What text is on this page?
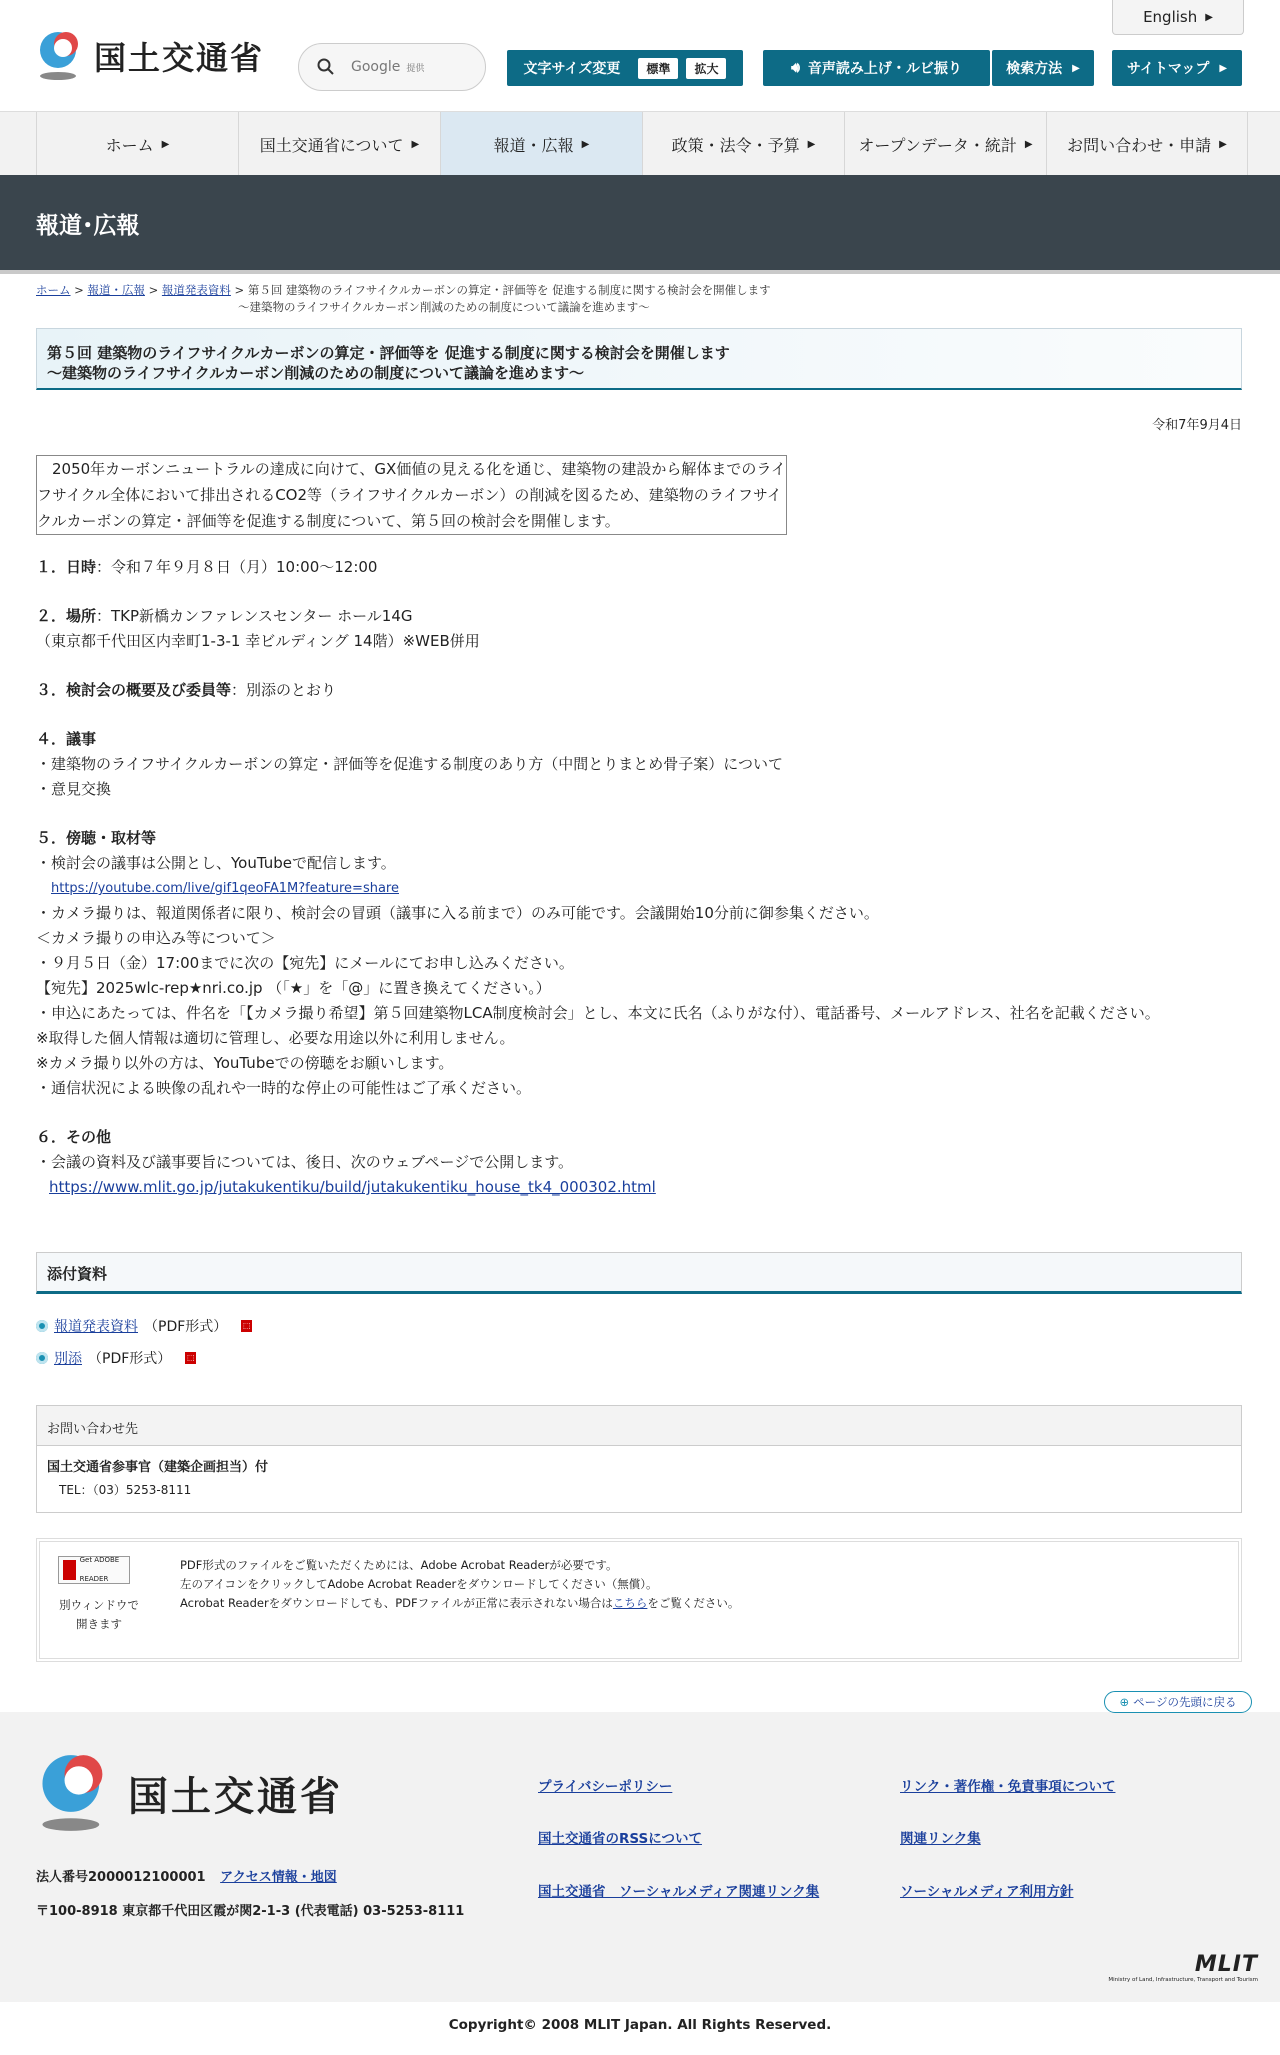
English ▶
国土交通省	Google 提供	文字サイズ変更	標準	拡大	🔊︎ 音声読み上げ・ルビ振り	検索方法 ▶	サイトマップ ▶
ホーム ▶	国土交通省について ▶	報道・広報 ▶	政策・法令・予算 ▶	オープンデータ・統計 ▶ お問い合わせ・申請 ▶
報道･広報
ホーム > 報道・広報 > 報道発表資料 > 第５回 建築物のライフサイクルカーボンの算定・評価等を 促進する制度に関する検討会を開催します
～建築物のライフサイクルカーボン削減のための制度について議論を進めます～
第５回 建築物のライフサイクルカーボンの算定・評価等を 促進する制度に関する検討会を開催します
～建築物のライフサイクルカーボン削減のための制度について議論を進めます～
令和7年9月4日
2050年カーボンニュートラルの達成に向けて、GX価値の見える化を通じ、建築物の建設から解体までのライフサイクル全体において排出されるCO2等（ライフサイクルカーボン）の削減を図るため、建築物のライフサイクルカーボンの算定・評価等を促進する制度について、第５回の検討会を開催します。

１．日時：令和７年９月８日（月）10:00～12:00

２．場所：TKP新橋カンファレンスセンター ホール14G

（東京都千代田区内幸町1-3-1 幸ビルディング 14階）※WEB併用

３．検討会の概要及び委員等：別添のとおり

４．議事

・建築物のライフサイクルカーボンの算定・評価等を促進する制度のあり方（中間とりまとめ骨子案）について

・意見交換

５．傍聴・取材等

・検討会の議事は公開とし、YouTubeで配信します。

https://youtube.com/live/gif1qeoFA1M?feature=share

・カメラ撮りは、報道関係者に限り、検討会の冒頭（議事に入る前まで）のみ可能です。会議開始10分前に御参集ください。

＜カメラ撮りの申込み等について＞

・９月５日（金）17:00までに次の【宛先】にメールにてお申し込みください。

【宛先】2025wlc-rep★nri.co.jp （「★」を「@」に置き換えてください。）

・申込にあたっては、件名を「【カメラ撮り希望】第５回建築物LCA制度検討会」とし、本文に氏名（ふりがな付）、電話番号、メールアドレス、社名を記載ください。

※取得した個人情報は適切に管理し、必要な用途以外に利用しません。

※カメラ撮り以外の方は、YouTubeでの傍聴をお願いします。

・通信状況による映像の乱れや一時的な停止の可能性はご了承ください。

６．その他

・会議の資料及び議事要旨については、後日、次のウェブページで公開します。

https://www.mlit.go.jp/jutakukentiku/build/jutakukentiku_house_tk4_000302.html

添付資料
報道発表資料 （PDF形式） ⬚
別添 （PDF形式） ⬚
お問い合わせ先
国土交通省参事官（建築企画担当）付
TEL：（03）5253-8111
Get ADOBE READER
別ウィンドウで開きます
PDF形式のファイルをご覧いただくためには、Adobe Acrobat Readerが必要です。
左のアイコンをクリックしてAdobe Acrobat Readerをダウンロードしてください（無償）。
Acrobat Readerをダウンロードしても、PDFファイルが正常に表示されない場合はこちらをご覧ください。
国土交通省
法人番号2000012100001 アクセス情報・地図
〒100-8918 東京都千代田区霞が関2-1-3 (代表電話) 03-5253-8111
プライバシーポリシー	リンク・著作権・免責事項について
国土交通省のRSSについて	関連リンク集
国土交通省　ソーシャルメディア関連リンク集	ソーシャルメディア利用方針
MLIT
Ministry of Land, Infrastructure, Transport and Tourism
⊕ ページの先頭に戻る
Copyright© 2008 MLIT Japan. All Rights Reserved.
